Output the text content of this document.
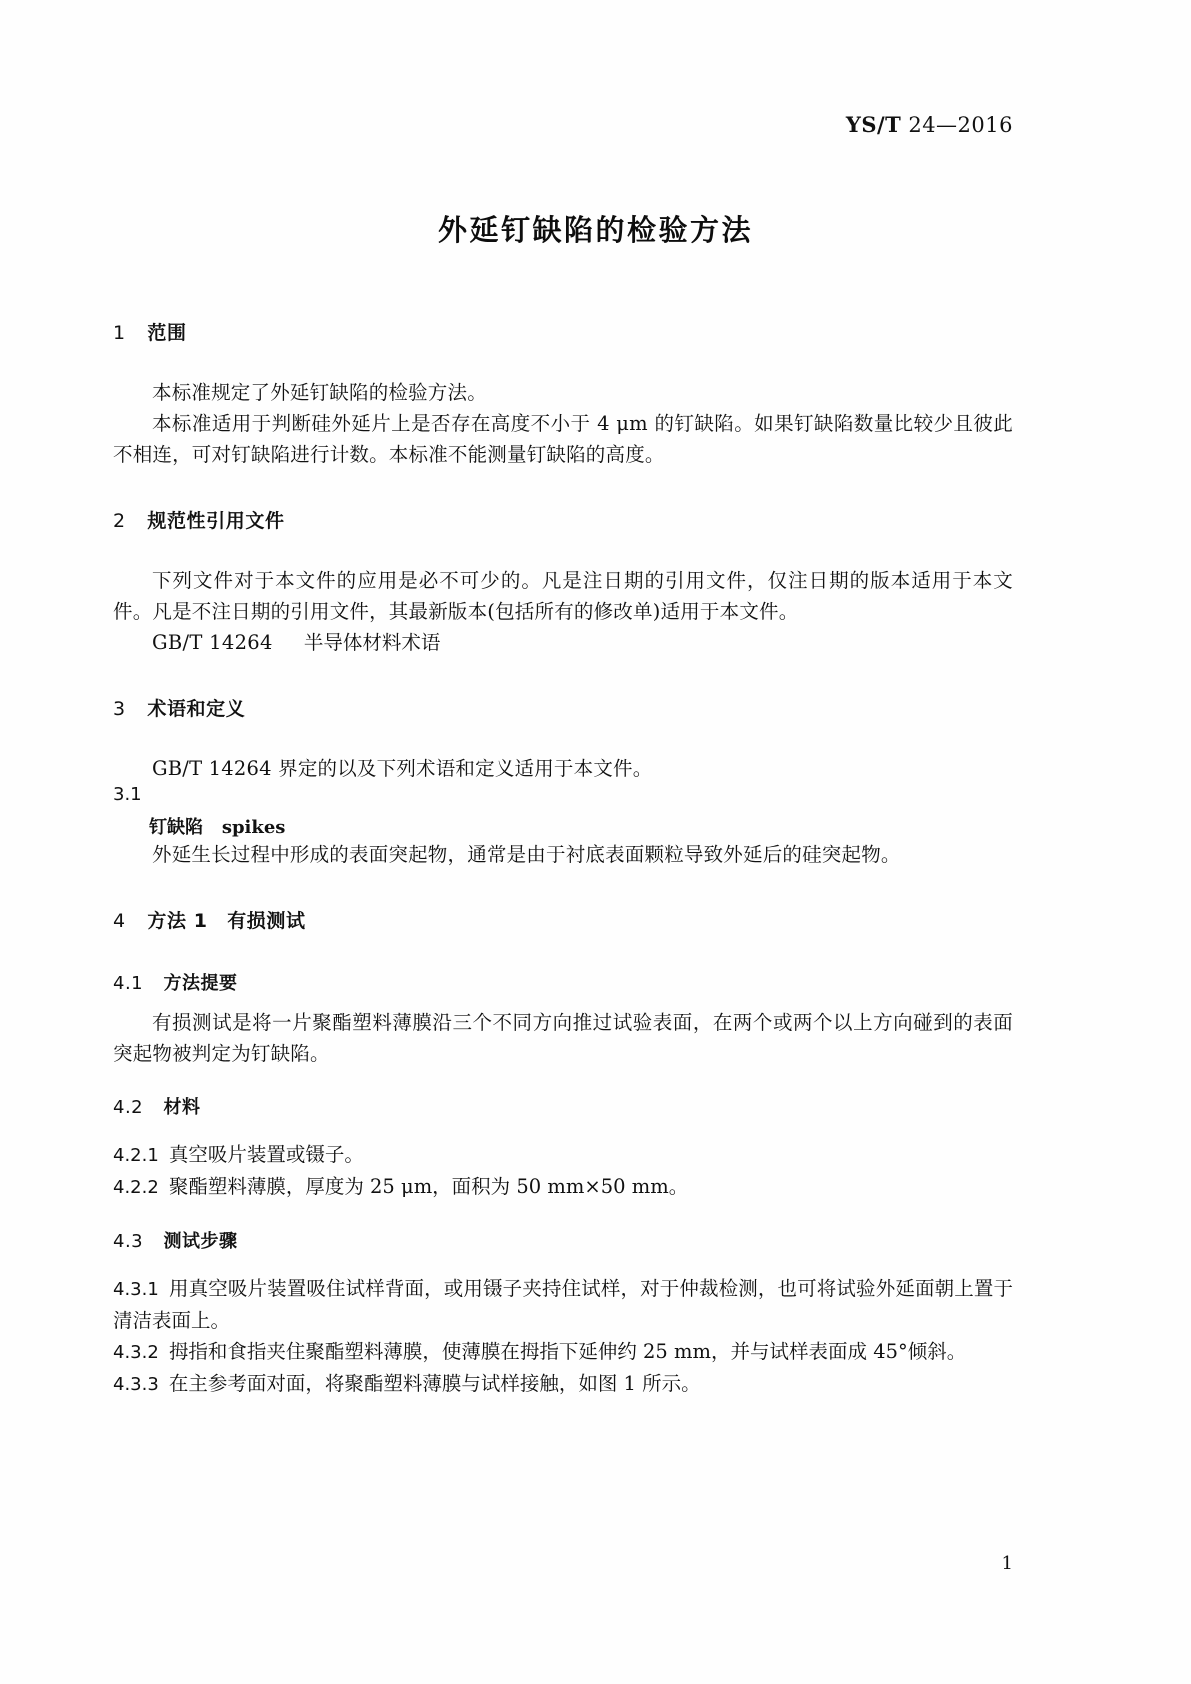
YS/T 24—2016
外延钉缺陷的检验方法
1 范围

本标准规定了外延钉缺陷的检验方法。

本标准适用于判断硅外延片上是否存在高度不小于 4 μm 的钉缺陷。如果钉缺陷数量比较少且彼此不相连，可对钉缺陷进行计数。本标准不能测量钉缺陷的高度。

2 规范性引用文件

下列文件对于本文件的应用是必不可少的。凡是注日期的引用文件，仅注日期的版本适用于本文件。凡是不注日期的引用文件，其最新版本(包括所有的修改单)适用于本文件。

GB/T 14264 半导体材料术语

3 术语和定义

GB/T 14264 界定的以及下列术语和定义适用于本文件。

3.1
钉缺陷 spikes

外延生长过程中形成的表面突起物，通常是由于衬底表面颗粒导致外延后的硅突起物。

4 方法 1　有损测试
4.1 方法提要

有损测试是将一片聚酯塑料薄膜沿三个不同方向推过试验表面，在两个或两个以上方向碰到的表面突起物被判定为钉缺陷。

4.2 材料

4.2.1 真空吸片装置或镊子。

4.2.2 聚酯塑料薄膜，厚度为 25 μm，面积为 50 mm×50 mm。

4.3 测试步骤

4.3.1 用真空吸片装置吸住试样背面，或用镊子夹持住试样，对于仲裁检测，也可将试验外延面朝上置于清洁表面上。

4.3.2 拇指和食指夹住聚酯塑料薄膜，使薄膜在拇指下延伸约 25 mm，并与试样表面成 45°倾斜。

4.3.3 在主参考面对面，将聚酯塑料薄膜与试样接触，如图 1 所示。

1
